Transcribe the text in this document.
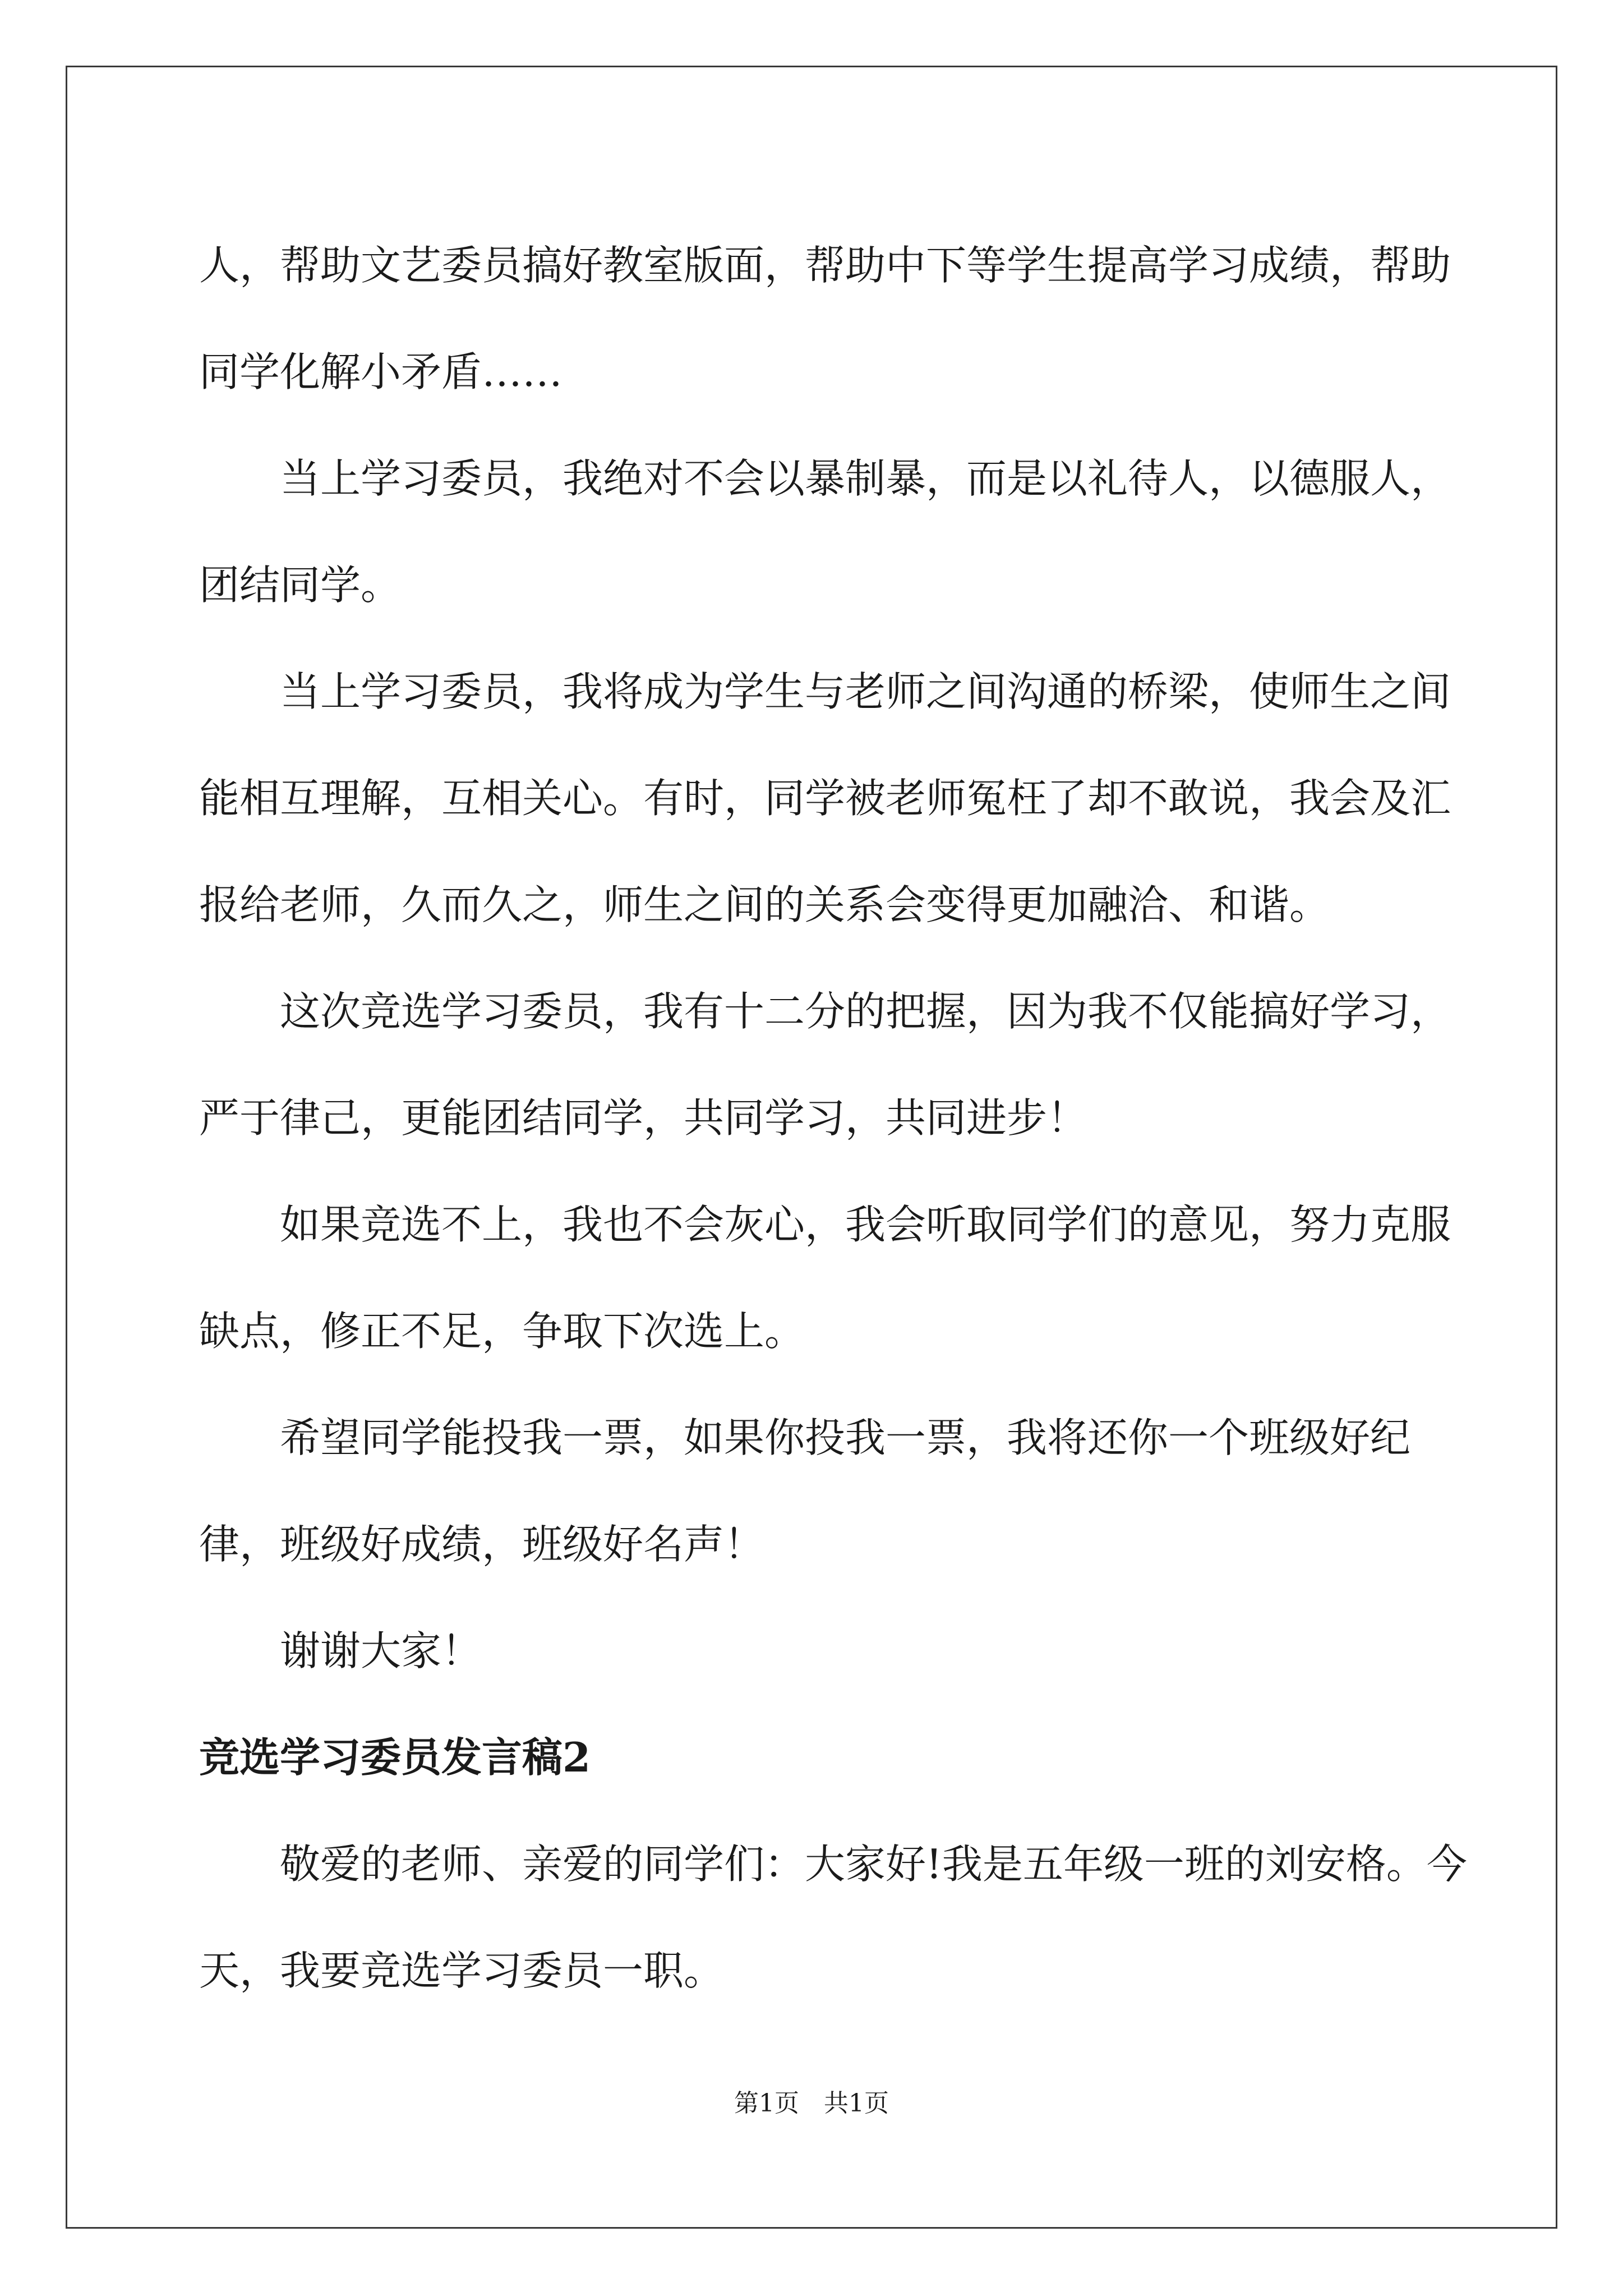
人，帮助文艺委员搞好教室版面，帮助中下等学生提高学习成绩，帮助同学化解小矛盾……

当上学习委员，我绝对不会以暴制暴，而是以礼待人，以德服人，团结同学。

当上学习委员，我将成为学生与老师之间沟通的桥梁，使师生之间能相互理解，互相关心。有时，同学被老师冤枉了却不敢说，我会及汇报给老师，久而久之，师生之间的关系会变得更加融洽、和谐。

这次竞选学习委员，我有十二分的把握，因为我不仅能搞好学习，严于律己，更能团结同学，共同学习，共同进步！

如果竞选不上，我也不会灰心，我会听取同学们的意见，努力克服缺点，修正不足，争取下次选上。

希望同学能投我一票，如果你投我一票，我将还你一个班级好纪律，班级好成绩，班级好名声！

谢谢大家！

竞选学习委员发言稿2

敬爱的老师、亲爱的同学们：大家好!我是五年级一班的刘安格。今天，我要竞选学习委员一职。

第1页　共1页
